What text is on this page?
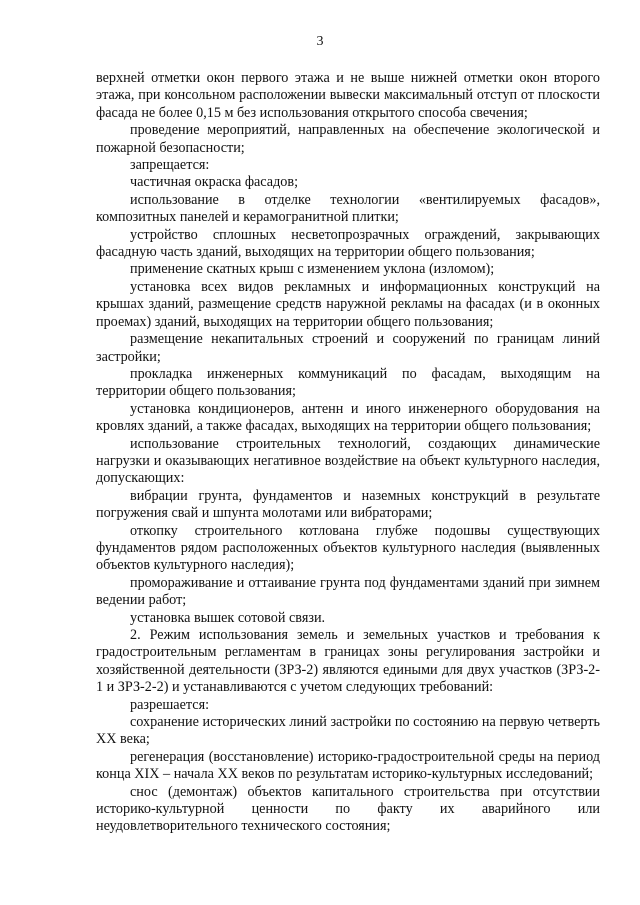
3

верхней отметки окон первого этажа и не выше нижней отметки окон второго этажа, при консольном расположении вывески максимальный отступ от плоскости фасада не более 0,15 м без использования открытого способа свечения;

проведение мероприятий, направленных на обеспечение экологической и пожарной безопасности;

запрещается:

частичная окраска фасадов;

использование в отделке технологии «вентилируемых фасадов», композитных панелей и керамогранитной плитки;

устройство сплошных несветопрозрачных ограждений, закрывающих фасадную часть зданий, выходящих на территории общего пользования;

применение скатных крыш с изменением уклона (изломом);

установка всех видов рекламных и информационных конструкций на крышах зданий, размещение средств наружной рекламы на фасадах (и в оконных проемах) зданий, выходящих на территории общего пользования;

размещение некапитальных строений и сооружений по границам линий застройки;

прокладка инженерных коммуникаций по фасадам, выходящим на территории общего пользования;

установка кондиционеров, антенн и иного инженерного оборудования на кровлях зданий, а также фасадах, выходящих на территории общего пользования;

использование строительных технологий, создающих динамические нагрузки и оказывающих негативное воздействие на объект культурного наследия, допускающих:

вибрации грунта, фундаментов и наземных конструкций в результате погружения свай и шпунта молотами или вибраторами;

откопку строительного котлована глубже подошвы существующих фундаментов рядом расположенных объектов культурного наследия (выявленных объектов культурного наследия);

промораживание и оттаивание грунта под фундаментами зданий при зимнем ведении работ;

установка вышек сотовой связи.

2. Режим использования земель и земельных участков и требования к градостроительным регламентам в границах зоны регулирования застройки и хозяйственной деятельности (ЗРЗ-2) являются едиными для двух участков (ЗРЗ-2-1 и ЗРЗ-2-2) и устанавливаются с учетом следующих требований:

разрешается:

сохранение исторических линий застройки по состоянию на первую четверть XX века;

регенерация (восстановление) историко-градостроительной среды на период конца XIX – начала XX веков по результатам историко-культурных исследований;

снос (демонтаж) объектов капитального строительства при отсутствии историко-культурной ценности по факту их аварийного или неудовлетворительного технического состояния;
